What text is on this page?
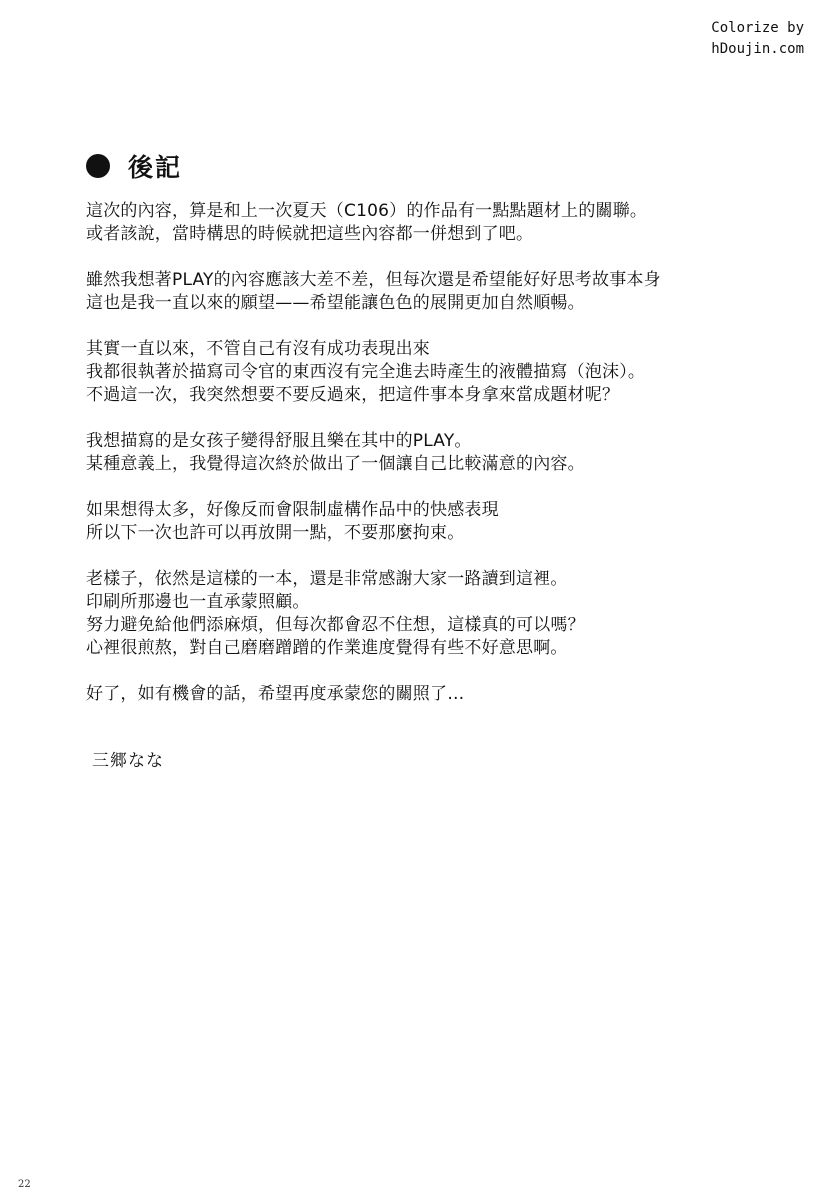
Colorize by
hDoujin.com
後記
這次的內容，算是和上一次夏天（C106）的作品有一點點題材上的關聯。
或者該說，當時構思的時候就把這些內容都一併想到了吧。
雖然我想著PLAY的內容應該大差不差，但每次還是希望能好好思考故事本身
這也是我一直以來的願望——希望能讓色色的展開更加自然順暢。
其實一直以來，不管自己有沒有成功表現出來
我都很執著於描寫司令官的東西沒有完全進去時產生的液體描寫（泡沫）。
不過這一次，我突然想要不要反過來，把這件事本身拿來當成題材呢？
我想描寫的是女孩子變得舒服且樂在其中的PLAY。
某種意義上，我覺得這次終於做出了一個讓自己比較滿意的內容。
如果想得太多，好像反而會限制虛構作品中的快感表現
所以下一次也許可以再放開一點，不要那麼拘束。
老樣子，依然是這樣的一本，還是非常感謝大家一路讀到這裡。
印刷所那邊也一直承蒙照顧。
努力避免給他們添麻煩，但每次都會忍不住想，這樣真的可以嗎？
心裡很煎熬，對自己磨磨蹭蹭的作業進度覺得有些不好意思啊。
好了，如有機會的話，希望再度承蒙您的關照了…
三郷なな
22
